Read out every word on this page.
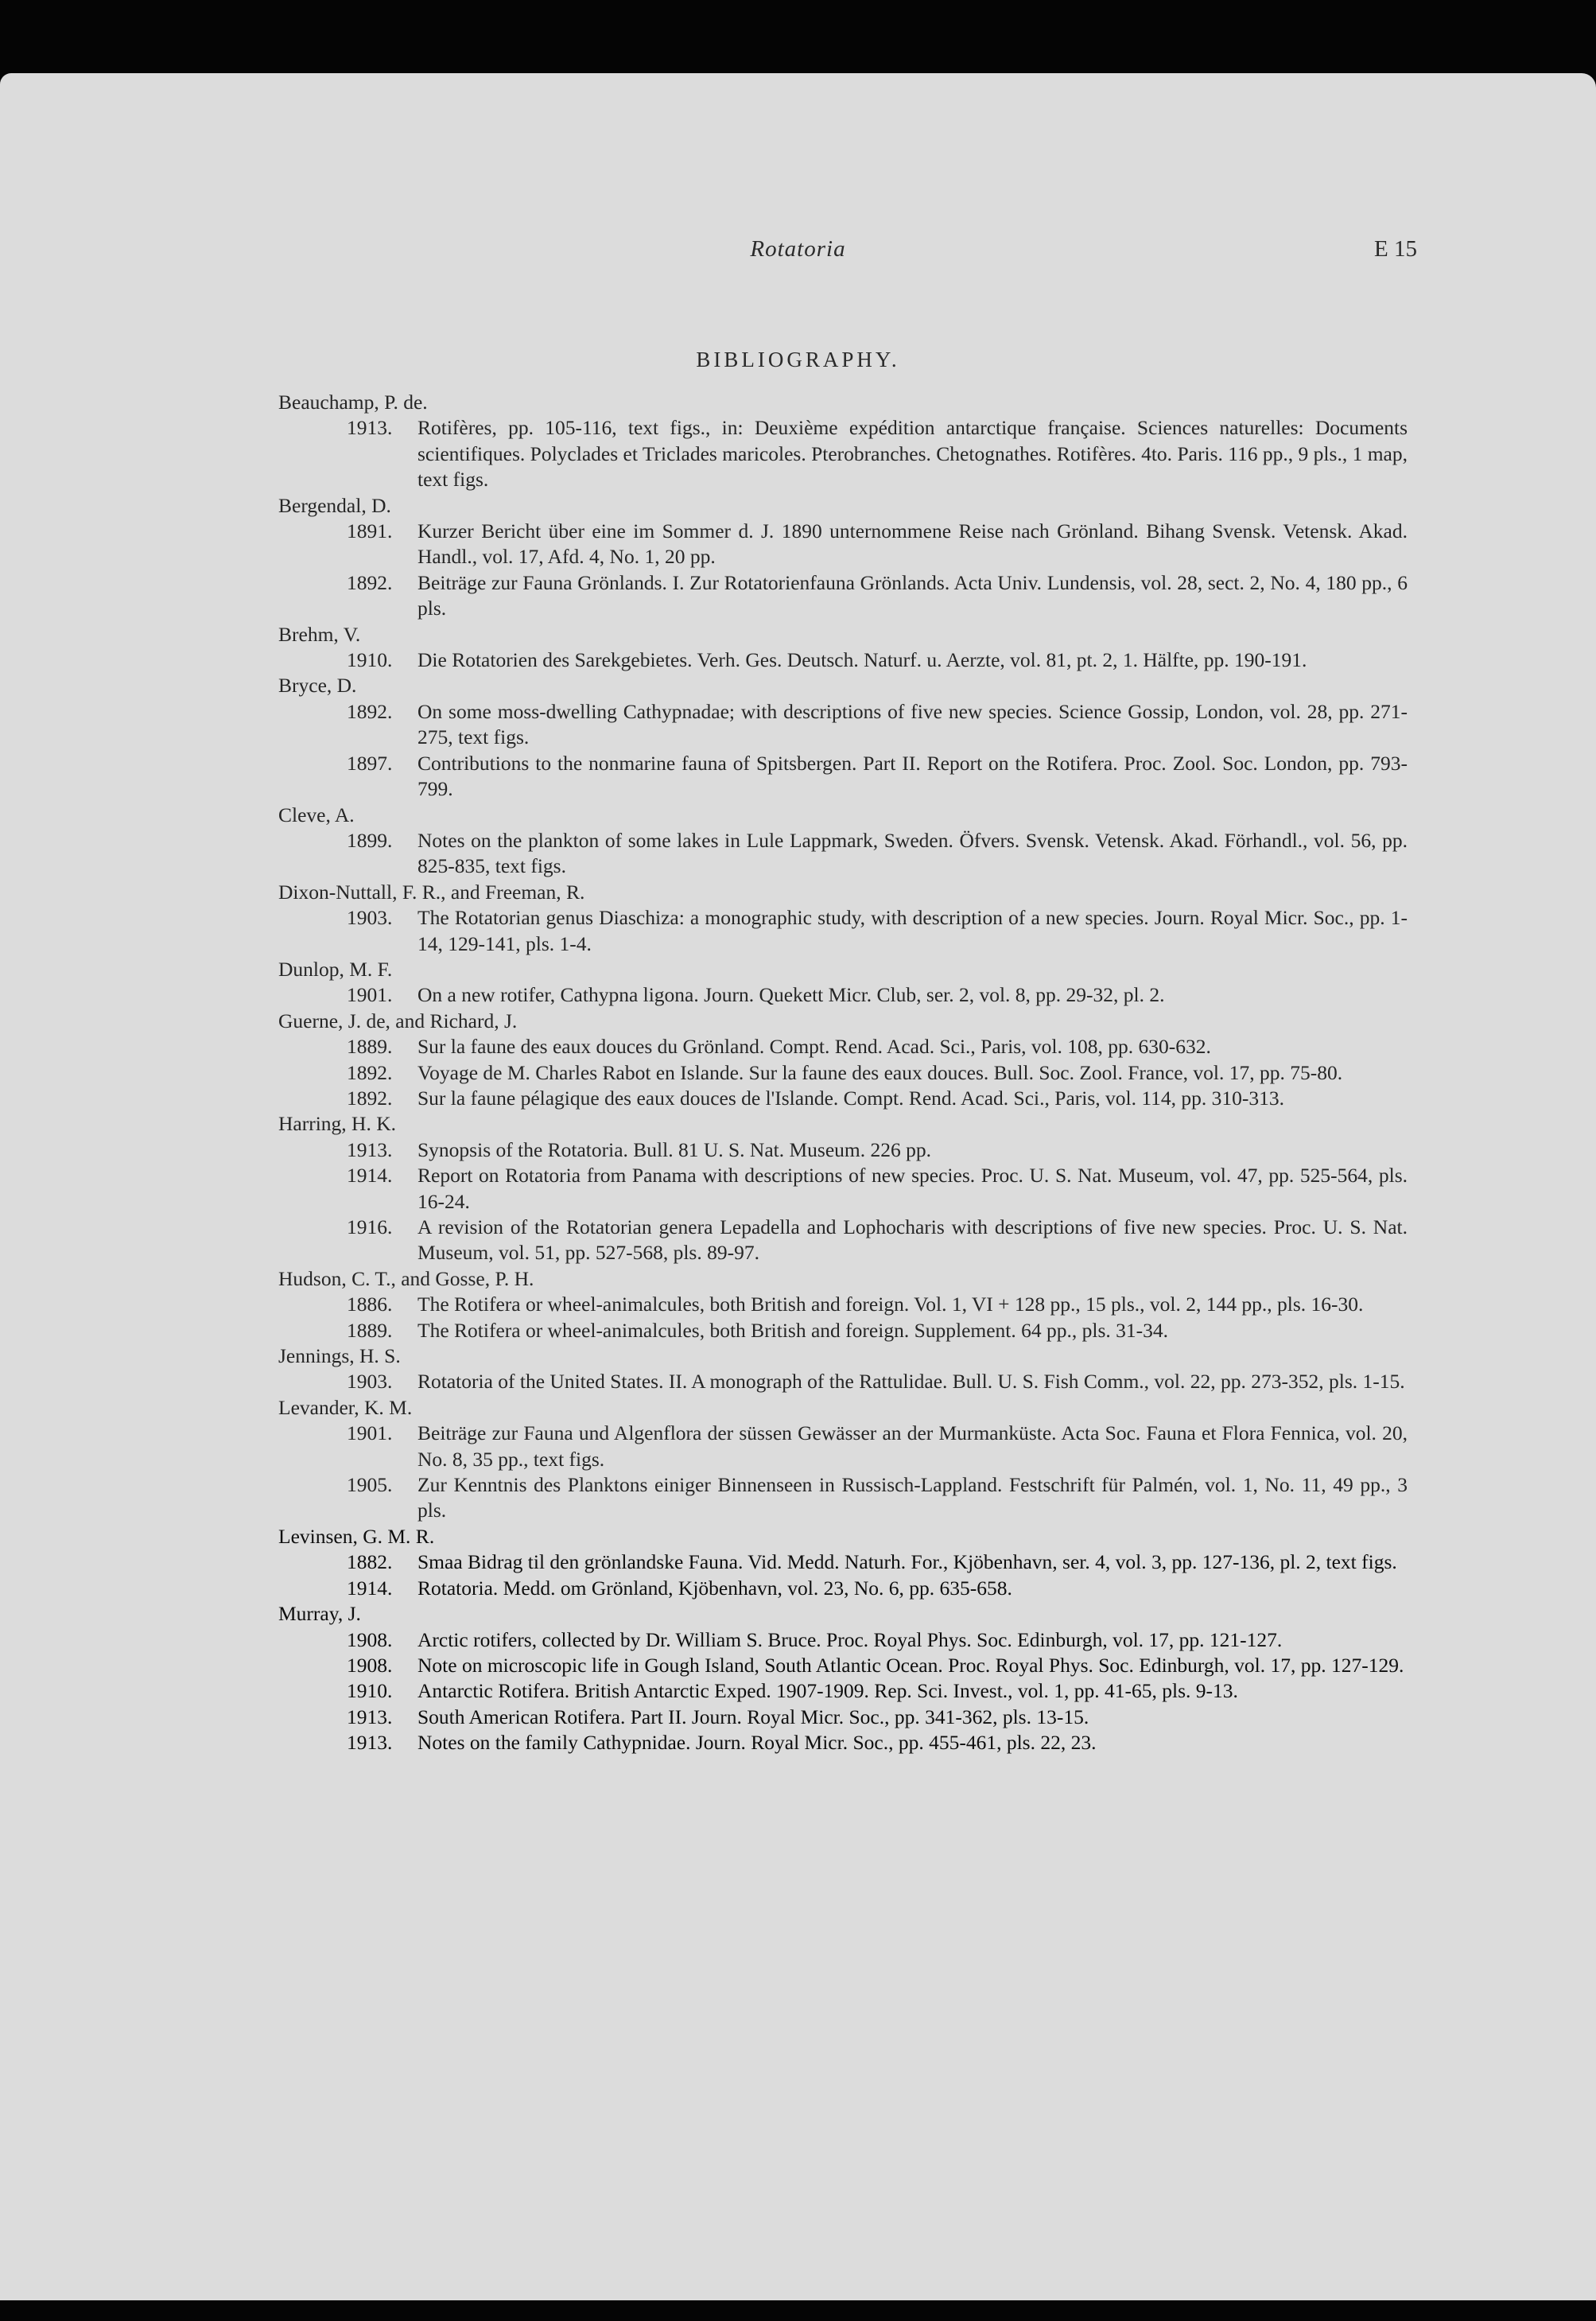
Rotatoria	E 15
BIBLIOGRAPHY.

Beauchamp, P. de.

1913. Rotifères, pp. 105-116, text figs., in: Deuxième expédition antarctique française. Sciences naturelles: Documents scientifiques. Polyclades et Triclades maricoles. Pterobranches. Chetognathes. Rotifères. 4to. Paris. 116 pp., 9 pls., 1 map, text figs.

Bergendal, D.

1891. Kurzer Bericht über eine im Sommer d. J. 1890 unternommene Reise nach Grönland. Bihang Svensk. Vetensk. Akad. Handl., vol. 17, Afd. 4, No. 1, 20 pp.

1892. Beiträge zur Fauna Grönlands. I. Zur Rotatorienfauna Grönlands. Acta Univ. Lundensis, vol. 28, sect. 2, No. 4, 180 pp., 6 pls.

Brehm, V.

1910. Die Rotatorien des Sarekgebietes. Verh. Ges. Deutsch. Naturf. u. Aerzte, vol. 81, pt. 2, 1. Hälfte, pp. 190-191.

Bryce, D.

1892. On some moss-dwelling Cathypnadae; with descriptions of five new species. Science Gossip, London, vol. 28, pp. 271-275, text figs.

1897. Contributions to the nonmarine fauna of Spitsbergen. Part II. Report on the Rotifera. Proc. Zool. Soc. London, pp. 793-799.

Cleve, A.

1899. Notes on the plankton of some lakes in Lule Lappmark, Sweden. Öfvers. Svensk. Vetensk. Akad. Förhandl., vol. 56, pp. 825-835, text figs.

Dixon-Nuttall, F. R., and Freeman, R.

1903. The Rotatorian genus Diaschiza: a monographic study, with description of a new species. Journ. Royal Micr. Soc., pp. 1-14, 129-141, pls. 1-4.

Dunlop, M. F.

1901. On a new rotifer, Cathypna ligona. Journ. Quekett Micr. Club, ser. 2, vol. 8, pp. 29-32, pl. 2.

Guerne, J. de, and Richard, J.

1889. Sur la faune des eaux douces du Grönland. Compt. Rend. Acad. Sci., Paris, vol. 108, pp. 630-632.

1892. Voyage de M. Charles Rabot en Islande. Sur la faune des eaux douces. Bull. Soc. Zool. France, vol. 17, pp. 75-80.

1892. Sur la faune pélagique des eaux douces de l'Islande. Compt. Rend. Acad. Sci., Paris, vol. 114, pp. 310-313.

Harring, H. K.

1913. Synopsis of the Rotatoria. Bull. 81 U. S. Nat. Museum. 226 pp.

1914. Report on Rotatoria from Panama with descriptions of new species. Proc. U. S. Nat. Museum, vol. 47, pp. 525-564, pls. 16-24.

1916. A revision of the Rotatorian genera Lepadella and Lophocharis with descriptions of five new species. Proc. U. S. Nat. Museum, vol. 51, pp. 527-568, pls. 89-97.

Hudson, C. T., and Gosse, P. H.

1886. The Rotifera or wheel-animalcules, both British and foreign. Vol. 1, VI + 128 pp., 15 pls., vol. 2, 144 pp., pls. 16-30.

1889. The Rotifera or wheel-animalcules, both British and foreign. Supplement. 64 pp., pls. 31-34.

Jennings, H. S.

1903. Rotatoria of the United States. II. A monograph of the Rattulidae. Bull. U. S. Fish Comm., vol. 22, pp. 273-352, pls. 1-15.

Levander, K. M.

1901. Beiträge zur Fauna und Algenflora der süssen Gewässer an der Murmanküste. Acta Soc. Fauna et Flora Fennica, vol. 20, No. 8, 35 pp., text figs.

1905. Zur Kenntnis des Planktons einiger Binnenseen in Russisch-Lappland. Festschrift für Palmén, vol. 1, No. 11, 49 pp., 3 pls.

Levinsen, G. M. R.

1882. Smaa Bidrag til den grönlandske Fauna. Vid. Medd. Naturh. For., Kjöbenhavn, ser. 4, vol. 3, pp. 127-136, pl. 2, text figs.

1914. Rotatoria. Medd. om Grönland, Kjöbenhavn, vol. 23, No. 6, pp. 635-658.

Murray, J.

1908. Arctic rotifers, collected by Dr. William S. Bruce. Proc. Royal Phys. Soc. Edinburgh, vol. 17, pp. 121-127.

1908. Note on microscopic life in Gough Island, South Atlantic Ocean. Proc. Royal Phys. Soc. Edinburgh, vol. 17, pp. 127-129.

1910. Antarctic Rotifera. British Antarctic Exped. 1907-1909. Rep. Sci. Invest., vol. 1, pp. 41-65, pls. 9-13.

1913. South American Rotifera. Part II. Journ. Royal Micr. Soc., pp. 341-362, pls. 13-15.

1913. Notes on the family Cathypnidae. Journ. Royal Micr. Soc., pp. 455-461, pls. 22, 23.
